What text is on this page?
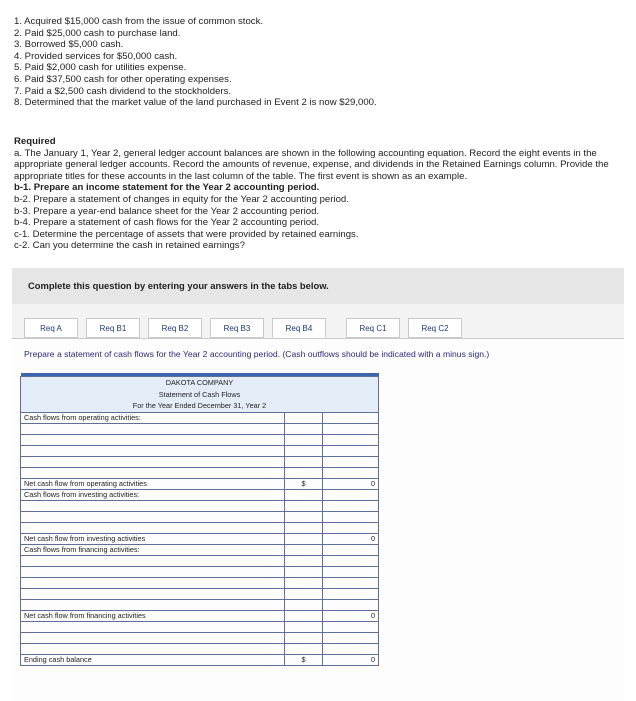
1. Acquired $15,000 cash from the issue of common stock.
2. Paid $25,000 cash to purchase land.
3. Borrowed $5,000 cash.
4. Provided services for $50,000 cash.
5. Paid $2,000 cash for utilities expense.
6. Paid $37,500 cash for other operating expenses.
7. Paid a $2,500 cash dividend to the stockholders.
8. Determined that the market value of the land purchased in Event 2 is now $29,000.
Required
a. The January 1, Year 2, general ledger account balances are shown in the following accounting equation. Record the eight events in the appropriate general ledger accounts. Record the amounts of revenue, expense, and dividends in the Retained Earnings column. Provide the appropriate titles for these accounts in the last column of the table. The first event is shown as an example.
b-1. Prepare an income statement for the Year 2 accounting period.
b-2. Prepare a statement of changes in equity for the Year 2 accounting period.
b-3. Prepare a year-end balance sheet for the Year 2 accounting period.
b-4. Prepare a statement of cash flows for the Year 2 accounting period.
c-1. Determine the percentage of assets that were provided by retained earnings.
c-2. Can you determine the cash in retained earnings?
Complete this question by entering your answers in the tabs below.
Req A	Req B1	Req B2	Req B3	Req B4	Req C1	Req C2
Prepare a statement of cash flows for the Year 2 accounting period. (Cash outflows should be indicated with a minus sign.)

DAKOTA COMPANY		
Statement of Cash Flows		
For the Year Ended December 31, Year 2		
Cash flows from operating activities:		

Net cash flow from operating activities	$	0
Cash flows from investing activities:		

Net cash flow from investing activities		0
Cash flows from financing activities:		

Net cash flow from financing activities		0

Ending cash balance	$	0
